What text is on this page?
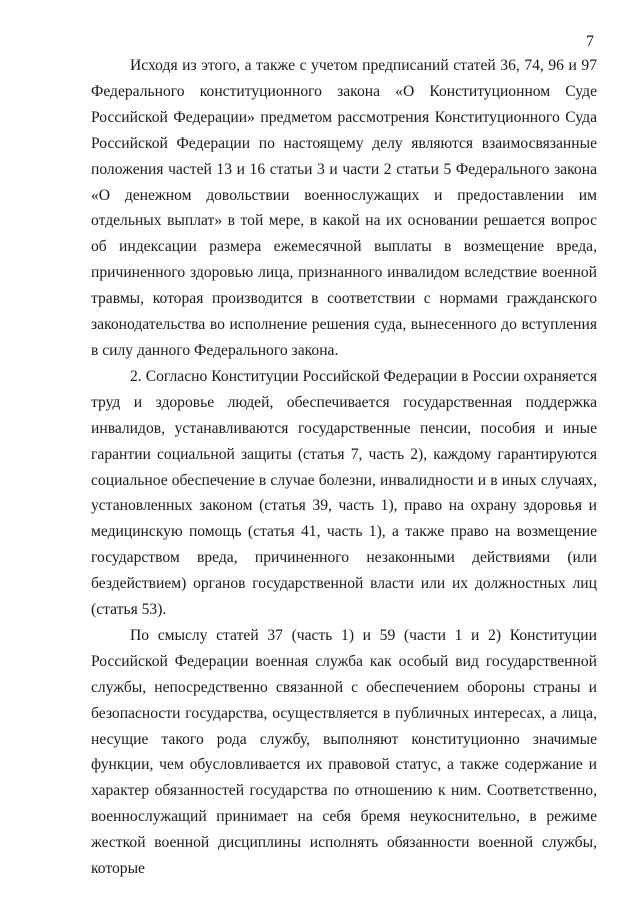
7

Исходя из этого, а также с учетом предписаний статей 36, 74, 96 и 97 Федерального конституционного закона «О Конституционном Суде Российской Федерации» предметом рассмотрения Конституционного Суда Российской Федерации по настоящему делу являются взаимосвязанные положения частей 13 и 16 статьи 3 и части 2 статьи 5 Федерального закона «О денежном довольствии военнослужащих и предоставлении им отдельных выплат» в той мере, в какой на их основании решается вопрос об индексации размера ежемесячной выплаты в возмещение вреда, причиненного здоровью лица, признанного инвалидом вследствие военной травмы, которая производится в соответствии с нормами гражданского законодательства во исполнение решения суда, вынесенного до вступления в силу данного Федерального закона.

2. Согласно Конституции Российской Федерации в России охраняется труд и здоровье людей, обеспечивается государственная поддержка инвалидов, устанавливаются государственные пенсии, пособия и иные гарантии социальной защиты (статья 7, часть 2), каждому гарантируются социальное обеспечение в случае болезни, инвалидности и в иных случаях, установленных законом (статья 39, часть 1), право на охрану здоровья и медицинскую помощь (статья 41, часть 1), а также право на возмещение государством вреда, причиненного незаконными действиями (или бездействием) органов государственной власти или их должностных лиц (статья 53).

По смыслу статей 37 (часть 1) и 59 (части 1 и 2) Конституции Российской Федерации военная служба как особый вид государственной службы, непосредственно связанной с обеспечением обороны страны и безопасности государства, осуществляется в публичных интересах, а лица, несущие такого рода службу, выполняют конституционно значимые функции, чем обусловливается их правовой статус, а также содержание и характер обязанностей государства по отношению к ним. Соответственно, военнослужащий принимает на себя бремя неукоснительно, в режиме жесткой военной дисциплины исполнять обязанности военной службы, которые
